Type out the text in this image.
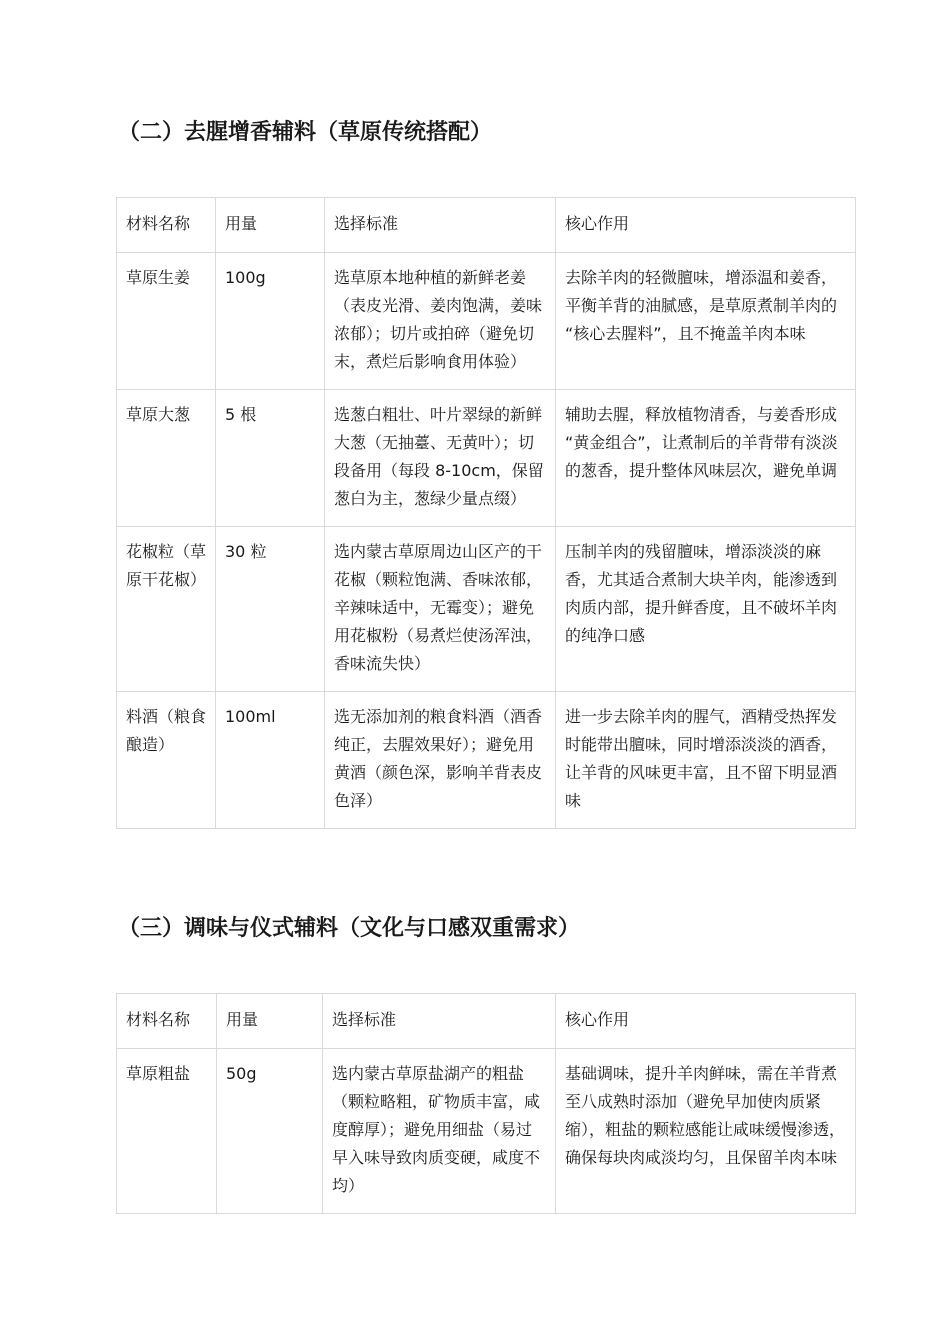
（二）去腥增香辅料（草原传统搭配）
材料名称	用量	选择标准	核心作用
草原生姜	100g	选草原本地种植的新鲜老姜（表皮光滑、姜肉饱满，姜味浓郁）；切片或拍碎（避免切末，煮烂后影响食用体验）	去除羊肉的轻微膻味，增添温和姜香，平衡羊背的油腻感，是草原煮制羊肉的 “核心去腥料”，且不掩盖羊肉本味
草原大葱	5 根	选葱白粗壮、叶片翠绿的新鲜大葱（无抽薹、无黄叶）；切段备用（每段 8-10cm，保留葱白为主，葱绿少量点缀）	辅助去腥，释放植物清香，与姜香形成 “黄金组合”，让煮制后的羊背带有淡淡的葱香，提升整体风味层次，避免单调
花椒粒（草原干花椒）	30 粒	选内蒙古草原周边山区产的干花椒（颗粒饱满、香味浓郁，辛辣味适中，无霉变）；避免用花椒粉（易煮烂使汤浑浊，香味流失快）	压制羊肉的残留膻味，增添淡淡的麻香，尤其适合煮制大块羊肉，能渗透到肉质内部，提升鲜香度，且不破坏羊肉的纯净口感
料酒（粮食酿造）	100ml	选无添加剂的粮食料酒（酒香纯正，去腥效果好）；避免用黄酒（颜色深，影响羊背表皮色泽）	进一步去除羊肉的腥气，酒精受热挥发时能带出膻味，同时增添淡淡的酒香，让羊背的风味更丰富，且不留下明显酒味
（三）调味与仪式辅料（文化与口感双重需求）
材料名称	用量	选择标准	核心作用
草原粗盐	50g	选内蒙古草原盐湖产的粗盐（颗粒略粗，矿物质丰富，咸度醇厚）；避免用细盐（易过早入味导致肉质变硬，咸度不均）	基础调味，提升羊肉鲜味，需在羊背煮至八成熟时添加（避免早加使肉质紧缩），粗盐的颗粒感能让咸味缓慢渗透，确保每块肉咸淡均匀，且保留羊肉本味
